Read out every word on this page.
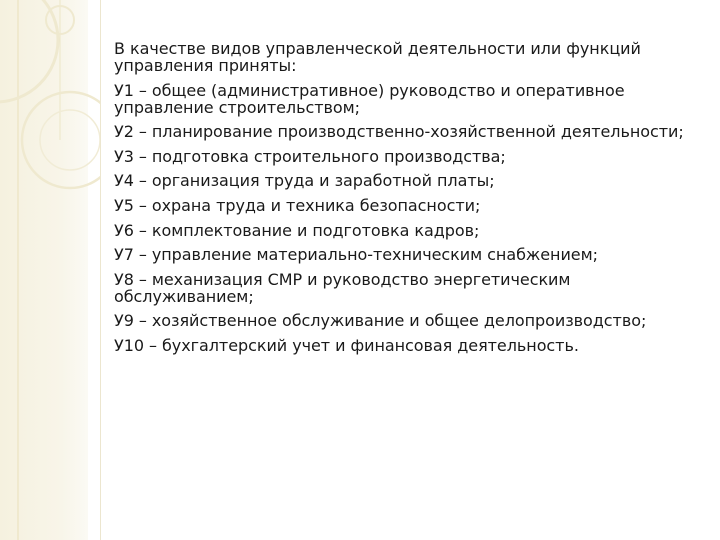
В качестве видов управленческой деятельности или функций управления приняты:
У1 – общее (административное) руководство и оперативное управление строительством;
У2 – планирование производственно-хозяйственной деятельности;
У3 – подготовка строительного производства;
У4 – организация труда и заработной платы;
У5 – охрана труда и техника безопасности;
У6 – комплектование и подготовка кадров;
У7 – управление материально-техническим снабжением;
У8 – механизация СМР и руководство энергетическим обслуживанием;
У9 – хозяйственное обслуживание и общее делопроизводство;
У10 – бухгалтерский учет и финансовая деятельность.
